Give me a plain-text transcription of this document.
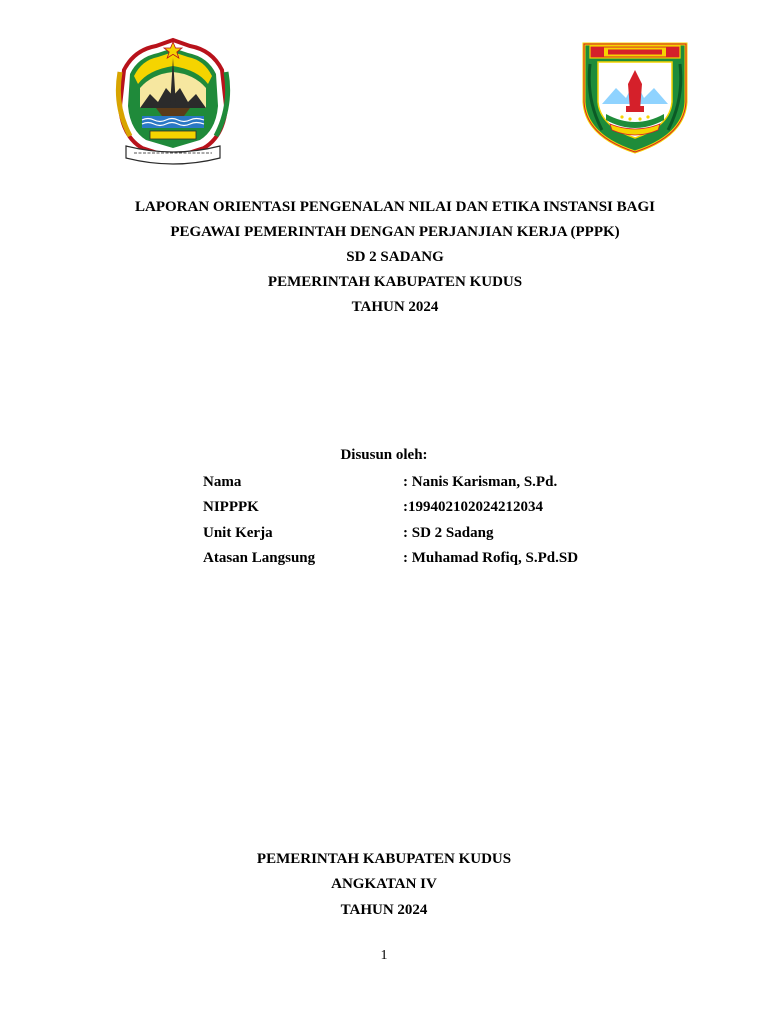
LAPORAN ORIENTASI PENGENALAN NILAI DAN ETIKA INSTANSI BAGI
PEGAWAI PEMERINTAH DENGAN PERJANJIAN KERJA (PPPK)
SD 2 SADANG
PEMERINTAH KABUPATEN KUDUS
TAHUN 2024
Disusun oleh:
Nama	: Nanis Karisman, S.Pd.
NIPPPK	:199402102024212034
Unit Kerja	: SD 2 Sadang
Atasan Langsung	: Muhamad Rofiq, S.Pd.SD
PEMERINTAH KABUPATEN KUDUS
ANGKATAN IV
TAHUN 2024
1
